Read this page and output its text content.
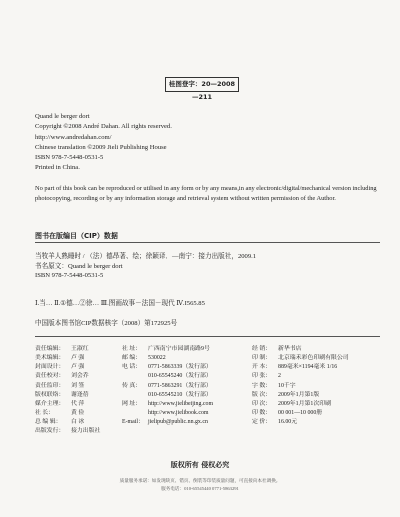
桂图登字：20—2008—211
Quand le berger dort
Copyright ©2008 André Dahan. All rights reserved.
http://www.andredahan.com/
Chinese translation ©2009 Jieli Publishing House
ISBN 978-7-5448-0531-5
Printed in China.
No part of this book can be reproduced or utilised in any form or by any means,in any electronic/digital/mechanical version including photocopying, recording or by any information storage and retrieval system without written permission of the Author.
图书在版编目（CIP）数据
当牧羊人熟睡时 / （法）德昂著、绘；徐颖译．—南宁：接力出版社，2009.1
书名原文：Quand le berger dort
ISBN 978-7-5448-0531-5
Ⅰ.当… Ⅱ.①德…②徐… Ⅲ.图画故事－法国－现代 Ⅳ.I565.85
中国版本图书馆CIP数据核字（2008）第172925号
责任编辑：	王淑红
美术编辑：	卢 强
封面设计：	卢 强
责任校对：	刘会乔
责任监印：	刘 签
版权联络：	谢逢蓓
媒介主理：	代 萍
社 长：	黄 俭
总 编 辑：	白 冰
出版发行：	接力出版社
社 址：	广西南宁市园湖南路9号
邮 编：	530022
电 话：	0771-5863339（发行部）
010-65545240（发行部）
传 真：	0771-5863291（发行部）
010-65545210（发行部）
网 址：	http://www.jielibeijing.com
http://www.jielibook.com
E-mail： jielipub@public.nn.gx.cn
经 销：	新华书店
印 制：	北京瑞禾彩色印刷有限公司
开 本：	889毫米×1194毫米 1/16
印 张：	2
字 数：	10千字
版 次：	2009年1月第1版
印 次：	2009年1月第1次印刷
印 数：	00 001—10 000册
定 价：	16.00元
版权所有 侵权必究
质量服务承诺：如发现缺页、错页、倒装等印装质量问题，可直接向本社调换。
服务电话：010-65545440 0771-5863291
